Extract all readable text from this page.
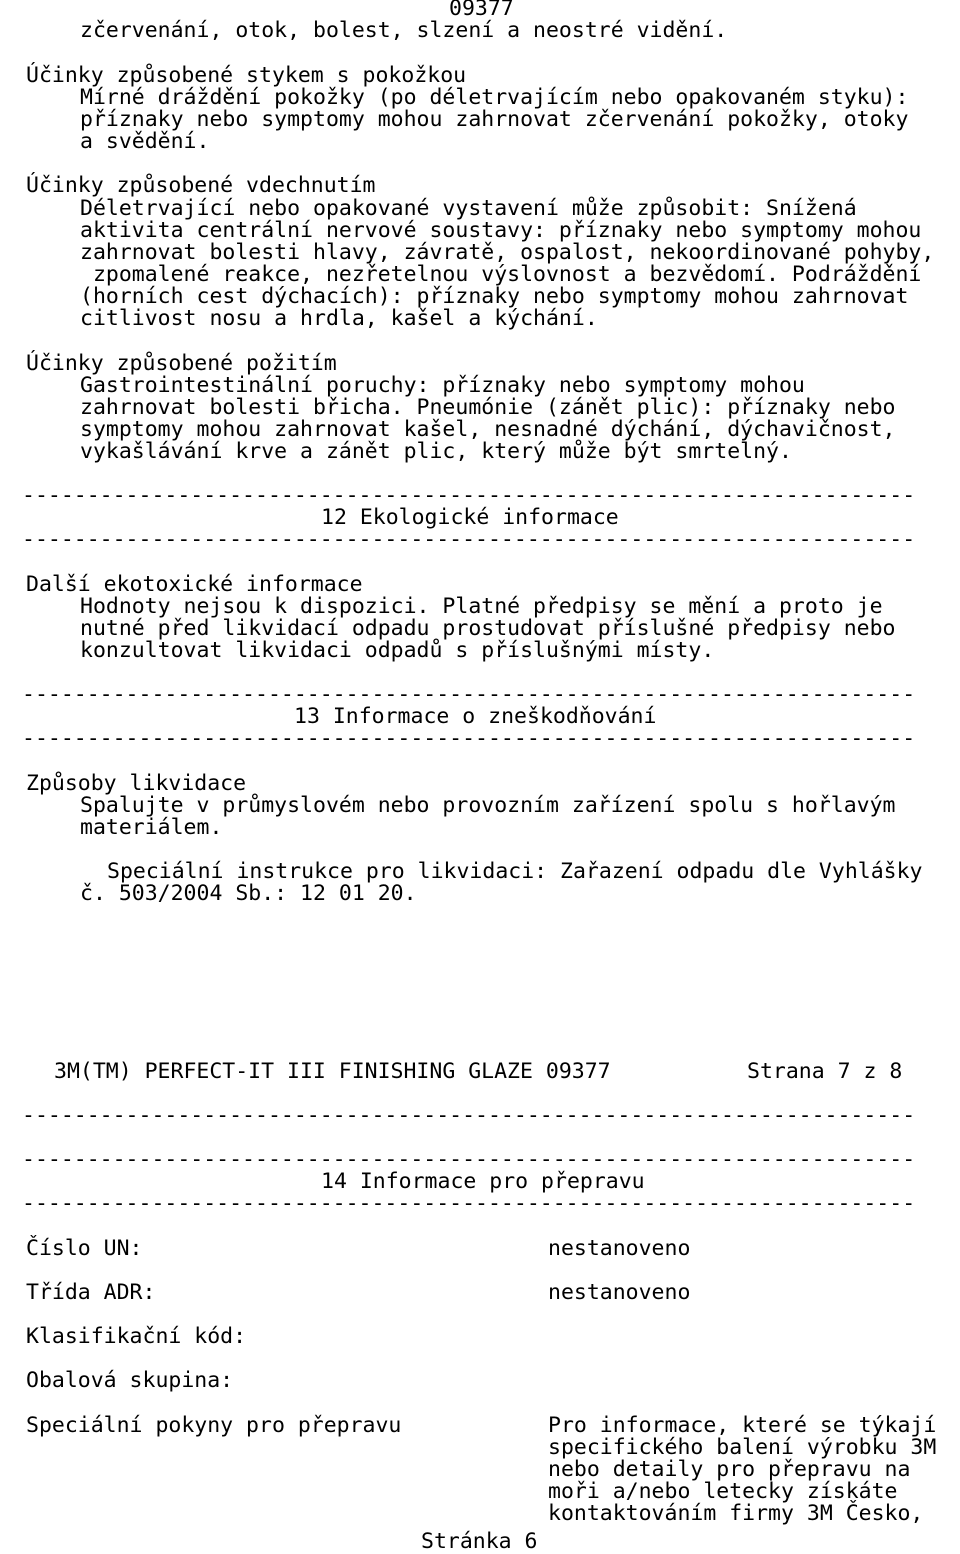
09377
zčervenání, otok, bolest, slzení a neostré vidění.
Účinky způsobené stykem s pokožkou
Mírné dráždění pokožky (po déletrvajícím nebo opakovaném styku):
příznaky nebo symptomy mohou zahrnovat zčervenání pokožky, otoky
a svědění.
Účinky způsobené vdechnutím
Déletrvající nebo opakované vystavení může způsobit: Snížená
aktivita centrální nervové soustavy: příznaky nebo symptomy mohou
zahrnovat bolesti hlavy, závratě, ospalost, nekoordinované pohyby,
zpomalené reakce, nezřetelnou výslovnost a bezvědomí. Podráždění
(horních cest dýchacích): příznaky nebo symptomy mohou zahrnovat
citlivost nosu a hrdla, kašel a kýchání.
Účinky způsobené požitím
Gastrointestinální poruchy: příznaky nebo symptomy mohou
zahrnovat bolesti břicha. Pneumónie (zánět plic): příznaky nebo
symptomy mohou zahrnovat kašel, nesnadné dýchání, dýchavičnost,
vykašlávání krve a zánět plic, který může být smrtelný.
---------------------------------------------------------------------
12 Ekologické informace
---------------------------------------------------------------------
Další ekotoxické informace
Hodnoty nejsou k dispozici. Platné předpisy se mění a proto je
nutné před likvidací odpadu prostudovat příslušné předpisy nebo
konzultovat likvidaci odpadů s příslušnými místy.
---------------------------------------------------------------------
13 Informace o zneškodňování
---------------------------------------------------------------------
Způsoby likvidace
Spalujte v průmyslovém nebo provozním zařízení spolu s hořlavým
materiálem.
Speciální instrukce pro likvidaci: Zařazení odpadu dle Vyhlášky
č. 503/2004 Sb.: 12 01 20.
3M(TM) PERFECT-IT III FINISHING GLAZE 09377	Strana 7 z 8
---------------------------------------------------------------------
---------------------------------------------------------------------
14 Informace pro přepravu
---------------------------------------------------------------------
Číslo UN:	nestanoveno
Třída ADR:	nestanoveno
Klasifikační kód:
Obalová skupina:
Speciální pokyny pro přepravu	Pro informace, které se týkají
specifického balení výrobku 3M
nebo detaily pro přepravu na
moři a/nebo letecky získáte
kontaktováním firmy 3M Česko,
Stránka 6
